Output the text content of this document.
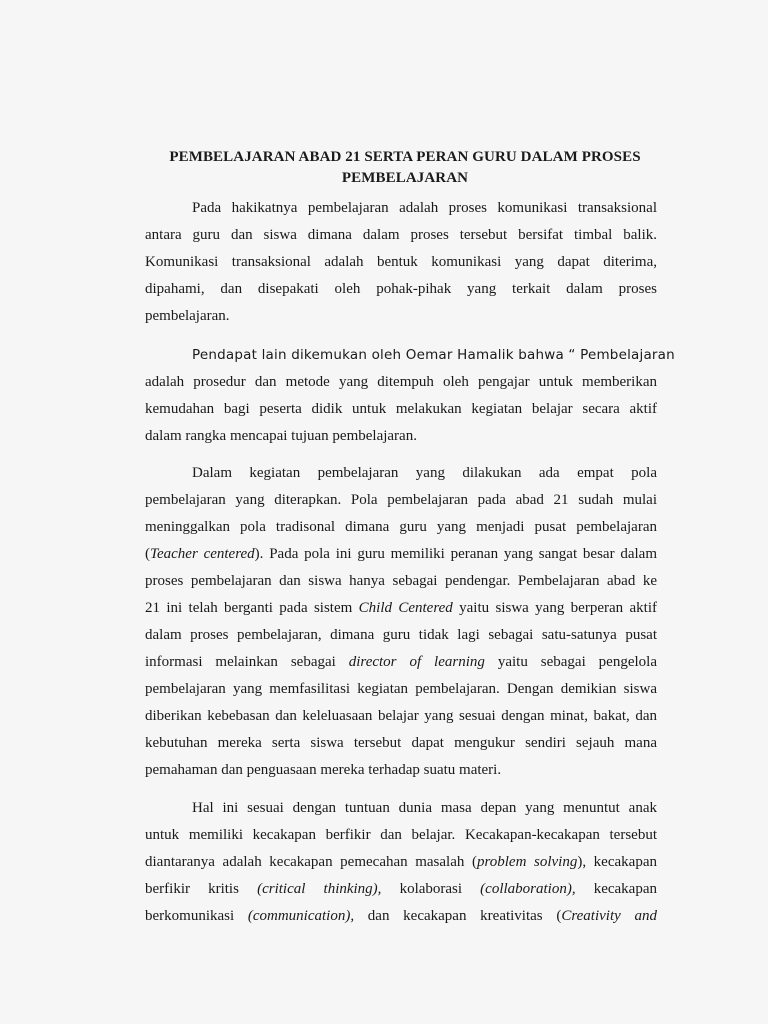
PEMBELAJARAN ABAD 21 SERTA PERAN GURU DALAM PROSES
PEMBELAJARAN
Pada hakikatnya pembelajaran adalah proses komunikasi transaksional
antara guru dan siswa dimana dalam proses tersebut bersifat timbal balik.
Komunikasi transaksional adalah bentuk komunikasi yang dapat diterima,
dipahami, dan disepakati oleh pohak-pihak yang terkait dalam proses
pembelajaran.
Pendapat lain dikemukan oleh Oemar Hamalik bahwa “ Pembelajaran
adalah prosedur dan metode yang ditempuh oleh pengajar untuk memberikan
kemudahan bagi peserta didik untuk melakukan kegiatan belajar secara aktif
dalam rangka mencapai tujuan pembelajaran.
Dalam kegiatan pembelajaran yang dilakukan ada empat pola
pembelajaran yang diterapkan. Pola pembelajaran pada abad 21 sudah mulai
meninggalkan pola tradisonal dimana guru yang menjadi pusat pembelajaran
(Teacher centered). Pada pola ini guru memiliki peranan yang sangat besar dalam
proses pembelajaran dan siswa hanya sebagai pendengar. Pembelajaran abad ke
21 ini telah berganti pada sistem Child Centered yaitu siswa yang berperan aktif
dalam proses pembelajaran, dimana guru tidak lagi sebagai satu-satunya pusat
informasi melainkan sebagai director of learning yaitu sebagai pengelola
pembelajaran yang memfasilitasi kegiatan pembelajaran. Dengan demikian siswa
diberikan kebebasan dan keleluasaan belajar yang sesuai dengan minat, bakat, dan
kebutuhan mereka serta siswa tersebut dapat mengukur sendiri sejauh mana
pemahaman dan penguasaan mereka terhadap suatu materi.
Hal ini sesuai dengan tuntuan dunia masa depan yang menuntut anak
untuk memiliki kecakapan berfikir dan belajar. Kecakapan-kecakapan tersebut
diantaranya adalah kecakapan pemecahan masalah (problem solving), kecakapan
berfikir kritis (critical thinking), kolaborasi (collaboration), kecakapan
berkomunikasi (communication), dan kecakapan kreativitas (Creativity and
